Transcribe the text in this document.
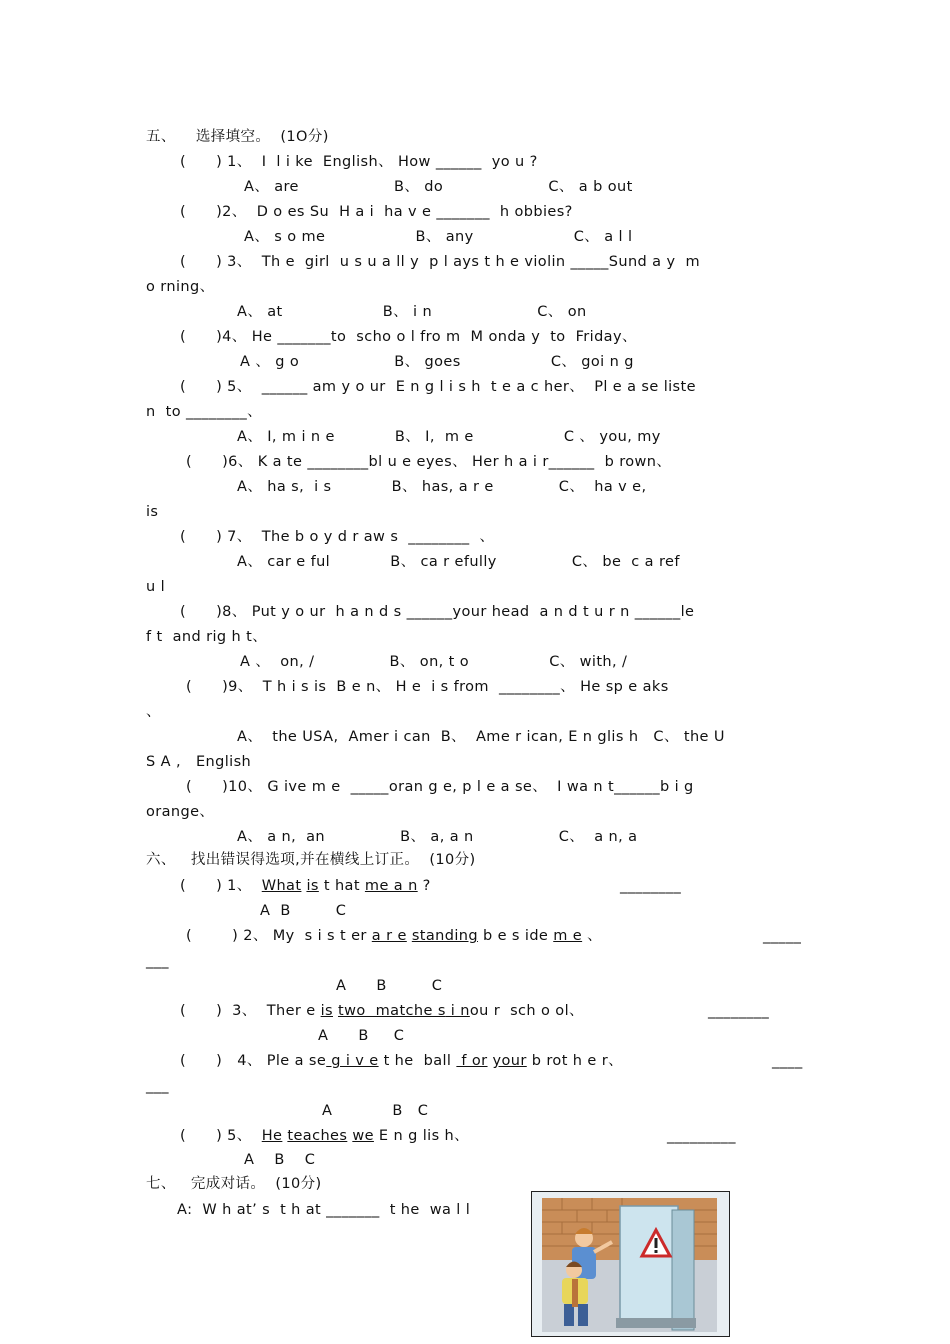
五、    选择填空。  (1O分)
(      ) 1、  I  l i ke  English、 How ______  yo u ?
A、 are                   B、 do                     C、 a b out
(      )2、  D o es Su  H a i  ha v e _______  h obbies?
A、 s o me                  B、 any                    C、 a l l
(      ) 3、  Th e  girl  u s u a ll y  p l ays t h e violin _____Sund a y  m
o rning、
A、 at                    B、 i n                     C、 on
(      )4、 He _______to  scho o l fro m  M onda y  to  Friday、
A 、 g o                   B、 goes                  C、 goi n g
(      ) 5、  ______ am y o ur  E n g l i s h  t e a c her、  Pl e a se liste
n  to ________、
A、 I, m i n e            B、 I,  m e                  C 、 you, my
(      )6、 K a te ________bl u e eyes、 Her h a i r______  b rown、
A、 ha s,  i s            B、 has, a r e             C、  ha v e,
is
(      ) 7、  The b o y d r aw s  ________  、
A、 car e ful            B、 ca r efully               C、 be  c a ref
u l
(      )8、 Put y o ur  h a n d s ______your head  a n d t u r n ______le
f t  and rig h t、
A 、  on, /               B、 on, t o                C、 with, /
(      )9、  T h i s is  B e n、 H e  i s from  ________、 He sp e aks
、
A、  the USA,  Amer i can  B、  Ame r ican, E n glis h   C、 the U
S A ,   English
(      )10、 G ive m e  _____oran g e, p l e a se、  I wa n t______b i g
orange、
A、 a n,  an               B、 a, a n                 C、  a n, a
六、   找出错误得选项,并在横线上订正。  (10分)
(      ) 1、  What is t hat me a n ?	________
A  B         C
(        ) 2、 My  s i s t er a r e standing b e s ide m e 、	_____
___
A      B         C
(      )  3、  Ther e is two  matche s i nou r  sch o ol、	________
A      B     C
(      )   4、 Ple a se g i v e t he  ball  f or your b rot h e r、	____
___
A            B   C
(      ) 5、  He teaches we E n g lis h、	_________
A    B    C
七、   完成对话。  (10分)
A:  W h at’ s  t h at _______  t he  wa l l
